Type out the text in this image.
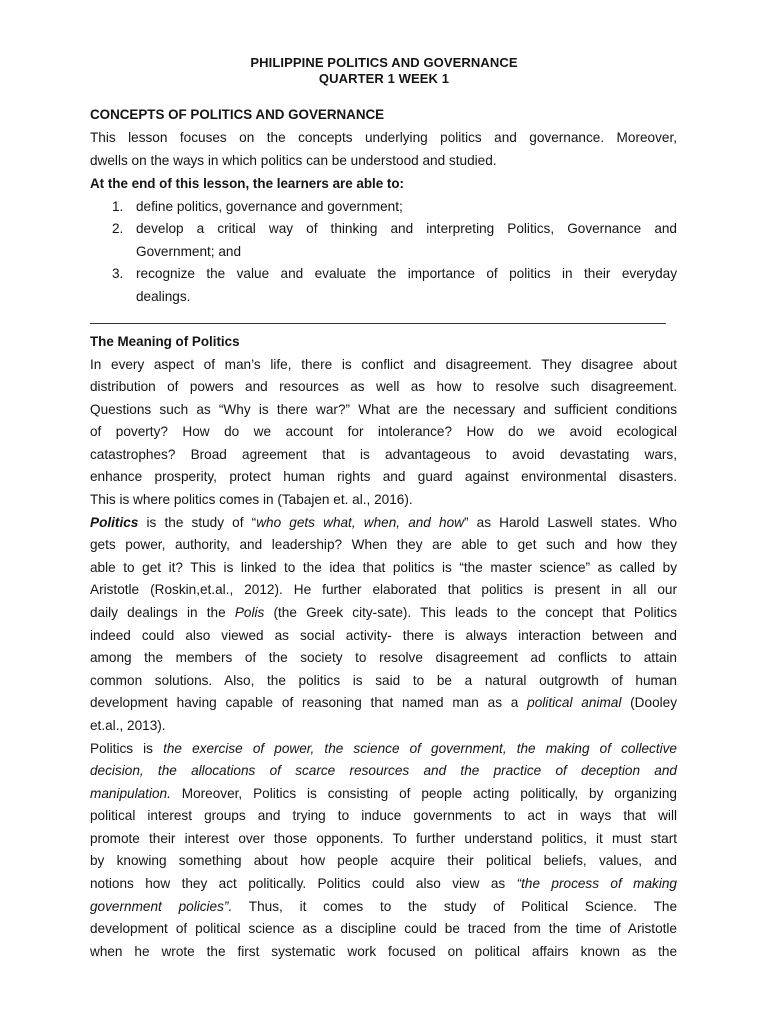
PHILIPPINE POLITICS AND GOVERNANCE
QUARTER 1 WEEK 1
CONCEPTS OF POLITICS AND GOVERNANCE
This lesson focuses on the concepts underlying politics and governance. Moreover,
dwells on the ways in which politics can be understood and studied.
At the end of this lesson, the learners are able to:
1. define politics, governance and government;
2. develop a critical way of thinking and interpreting Politics, Governance and
Government; and
3. recognize the value and evaluate the importance of politics in their everyday
dealings.
The Meaning of Politics
In every aspect of man’s life, there is conflict and disagreement. They disagree about
distribution of powers and resources as well as how to resolve such disagreement.
Questions such as “Why is there war?” What are the necessary and sufficient conditions
of poverty? How do we account for intolerance? How do we avoid ecological
catastrophes? Broad agreement that is advantageous to avoid devastating wars,
enhance prosperity, protect human rights and guard against environmental disasters.
This is where politics comes in (Tabajen et. al., 2016).
Politics is the study of “who gets what, when, and how” as Harold Laswell states. Who
gets power, authority, and leadership? When they are able to get such and how they
able to get it? This is linked to the idea that politics is “the master science” as called by
Aristotle (Roskin,et.al., 2012). He further elaborated that politics is present in all our
daily dealings in the Polis (the Greek city-sate). This leads to the concept that Politics
indeed could also viewed as social activity- there is always interaction between and
among the members of the society to resolve disagreement ad conflicts to attain
common solutions. Also, the politics is said to be a natural outgrowth of human
development having capable of reasoning that named man as a political animal (Dooley
et.al., 2013).
Politics is the exercise of power, the science of government, the making of collective
decision, the allocations of scarce resources and the practice of deception and
manipulation. Moreover, Politics is consisting of people acting politically, by organizing
political interest groups and trying to induce governments to act in ways that will
promote their interest over those opponents. To further understand politics, it must start
by knowing something about how people acquire their political beliefs, values, and
notions how they act politically. Politics could also view as “the process of making
government policies”. Thus, it comes to the study of Political Science. The
development of political science as a discipline could be traced from the time of Aristotle
when he wrote the first systematic work focused on political affairs known as the
